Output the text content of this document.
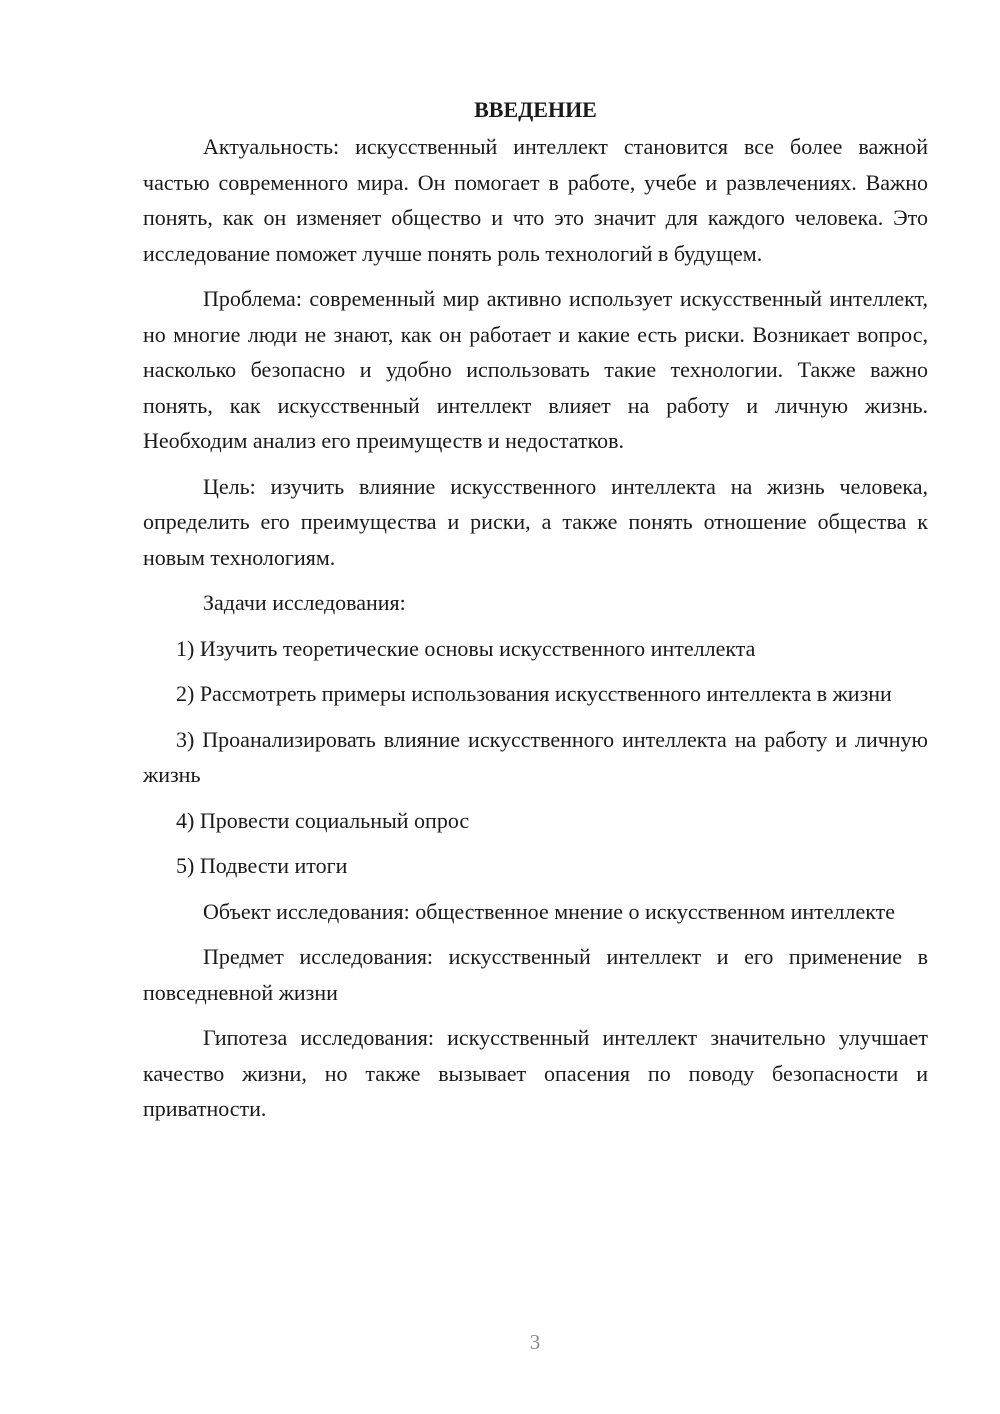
ВВЕДЕНИЕ

Актуальность: искусственный интеллект становится все более важной частью современного мира. Он помогает в работе, учебе и развлечениях. Важно понять, как он изменяет общество и что это значит для каждого человека. Это исследование поможет лучше понять роль технологий в будущем.

Проблема: современный мир активно использует искусственный интеллект, но многие люди не знают, как он работает и какие есть риски. Возникает вопрос, насколько безопасно и удобно использовать такие технологии. Также важно понять, как искусственный интеллект влияет на работу и личную жизнь. Необходим анализ его преимуществ и недостатков.

Цель: изучить влияние искусственного интеллекта на жизнь человека, определить его преимущества и риски, а также понять отношение общества к новым технологиям.

Задачи исследования:

1) Изучить теоретические основы искусственного интеллекта

2) Рассмотреть примеры использования искусственного интеллекта в жизни

3) Проанализировать влияние искусственного интеллекта на работу и личную жизнь

4) Провести социальный опрос

5) Подвести итоги

Объект исследования: общественное мнение о искусственном интеллекте

Предмет исследования: искусственный интеллект и его применение в повседневной жизни

Гипотеза исследования: искусственный интеллект значительно улучшает качество жизни, но также вызывает опасения по поводу безопасности и приватности.

3
